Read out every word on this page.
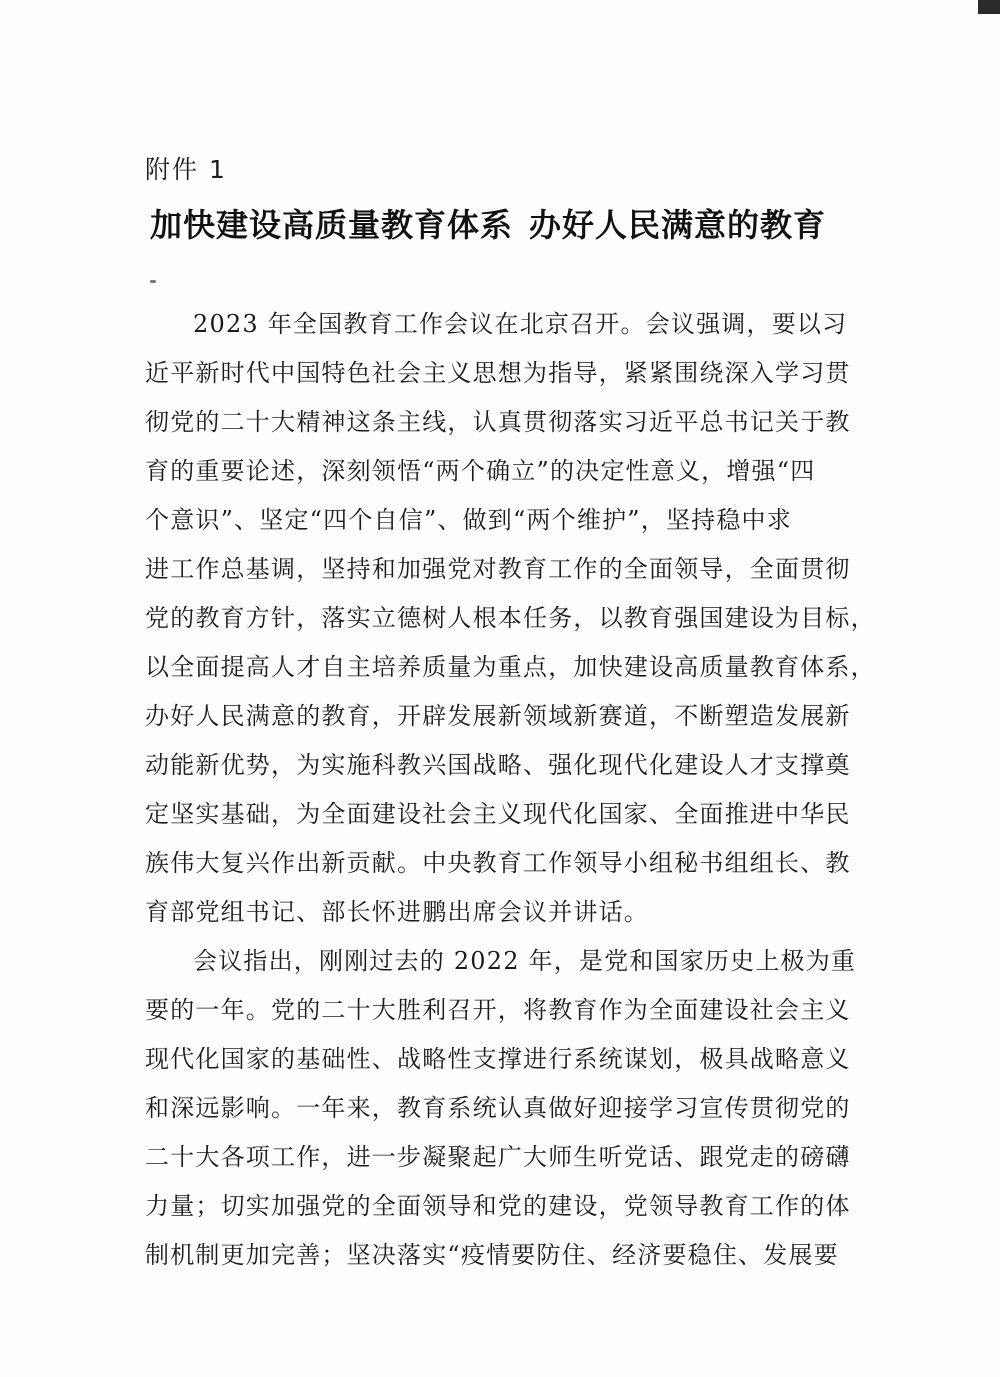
附件 1
加快建设高质量教育体系 办好人民满意的教育
2023 年全国教育工作会议在北京召开。会议强调，要以习
近平新时代中国特色社会主义思想为指导，紧紧围绕深入学习贯
彻党的二十大精神这条主线，认真贯彻落实习近平总书记关于教
育的重要论述，深刻领悟“两个确立”的决定性意义，增强“四
个意识”、坚定“四个自信”、做到“两个维护”，坚持稳中求
进工作总基调，坚持和加强党对教育工作的全面领导，全面贯彻
党的教育方针，落实立德树人根本任务，以教育强国建设为目标，
以全面提高人才自主培养质量为重点，加快建设高质量教育体系，
办好人民满意的教育，开辟发展新领域新赛道，不断塑造发展新
动能新优势，为实施科教兴国战略、强化现代化建设人才支撑奠
定坚实基础，为全面建设社会主义现代化国家、全面推进中华民
族伟大复兴作出新贡献。中央教育工作领导小组秘书组组长、教
育部党组书记、部长怀进鹏出席会议并讲话。
会议指出，刚刚过去的 2022 年，是党和国家历史上极为重
要的一年。党的二十大胜利召开，将教育作为全面建设社会主义
现代化国家的基础性、战略性支撑进行系统谋划，极具战略意义
和深远影响。一年来，教育系统认真做好迎接学习宣传贯彻党的
二十大各项工作，进一步凝聚起广大师生听党话、跟党走的磅礴
力量；切实加强党的全面领导和党的建设，党领导教育工作的体
制机制更加完善；坚决落实“疫情要防住、经济要稳住、发展要
